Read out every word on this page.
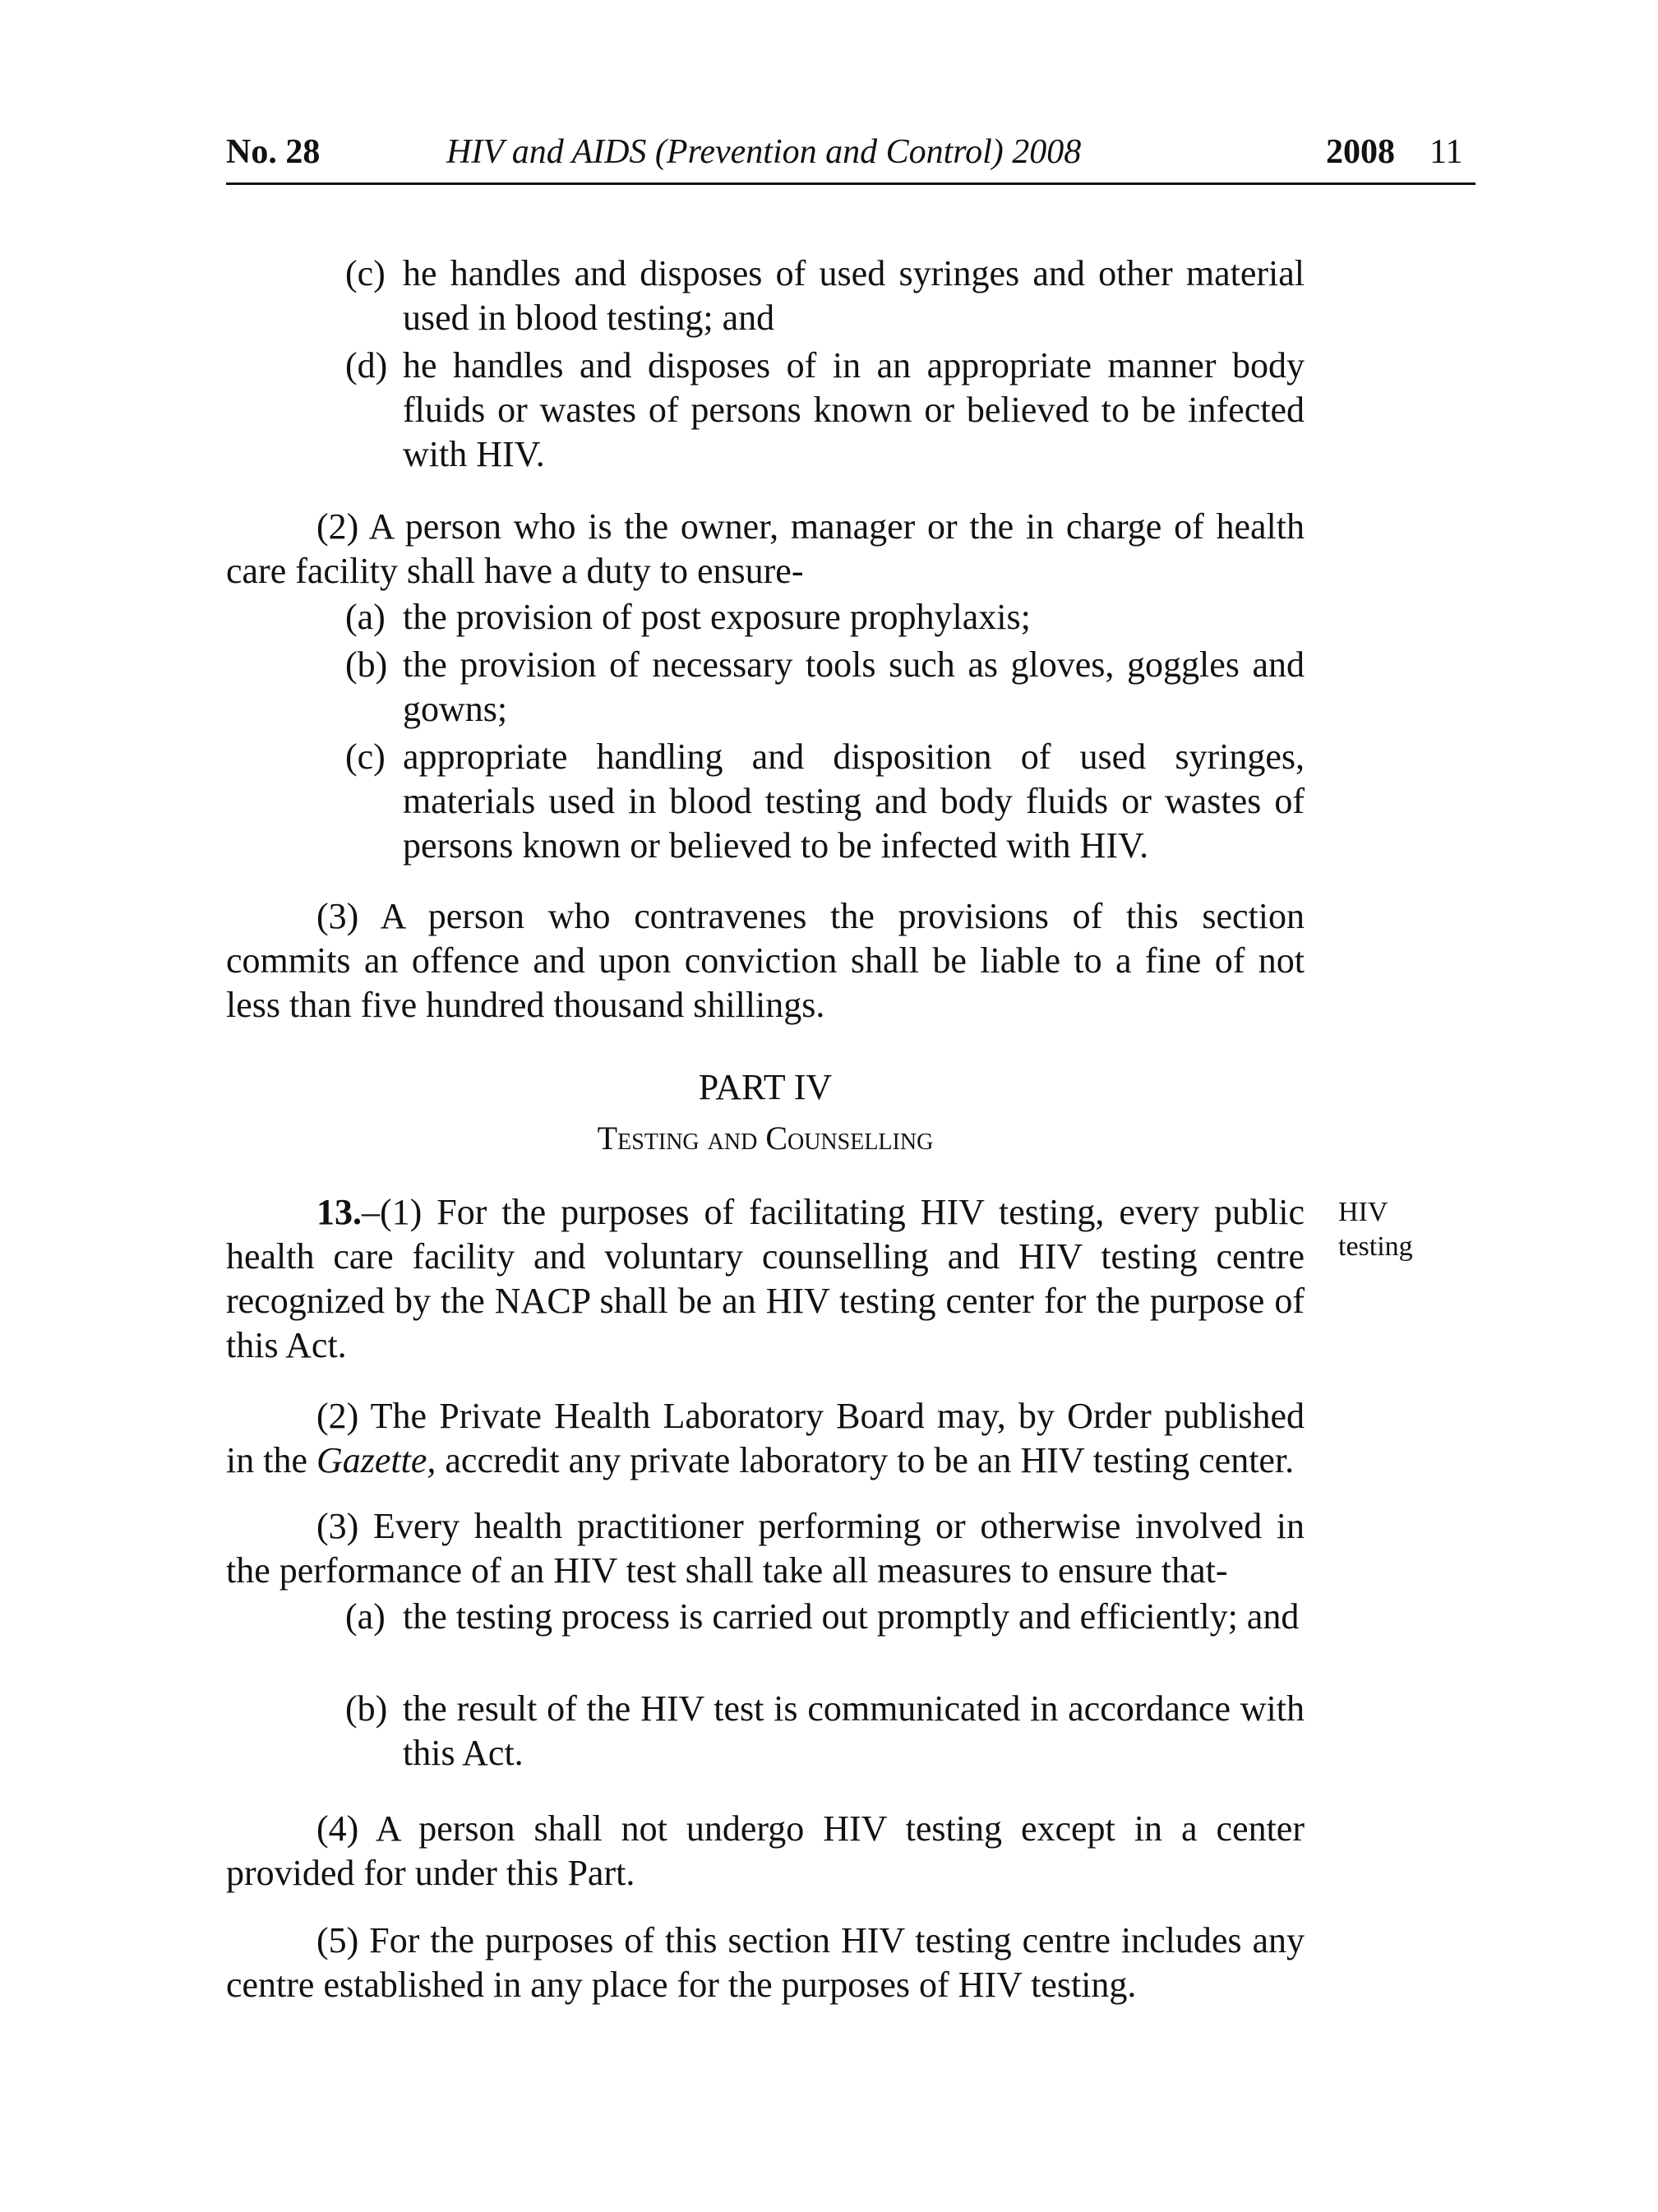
No. 28	HIV and AIDS (Prevention and Control) 2008	2008 11
(c) he handles and disposes of used syringes and other material used in blood testing; and
(d) he handles and disposes of in an appropriate manner body fluids or wastes of persons known or believed to be infected with HIV.
(2) A person who is the owner, manager or the in charge of health care facility shall have a duty to ensure-
(a) the provision of post exposure prophylaxis;
(b) the provision of necessary tools such as gloves, goggles and gowns;
(c) appropriate handling and disposition of used syringes, materials used in blood testing and body fluids or wastes of persons known or believed to be infected with HIV.
(3) A person who contravenes the provisions of this section commits an offence and upon conviction shall be liable to a fine of not less than five hundred thousand shillings.
PART IV
Testing and Counselling
13.–(1) For the purposes of facilitating HIV testing, every public health care facility and voluntary counselling and HIV testing centre recognized by the NACP shall be an HIV testing center for the purpose of this Act.
HIV
testing
(2) The Private Health Laboratory Board may, by Order published in the Gazette, accredit any private laboratory to be an HIV testing center.
(3) Every health practitioner performing or otherwise involved in the performance of an HIV test shall take all measures to ensure that-
(a) the testing process is carried out promptly and efficiently; and
(b) the result of the HIV test is communicated in accordance with this Act.
(4) A person shall not undergo HIV testing except in a center provided for under this Part.
(5) For the purposes of this section HIV testing centre includes any centre established in any place for the purposes of HIV testing.
